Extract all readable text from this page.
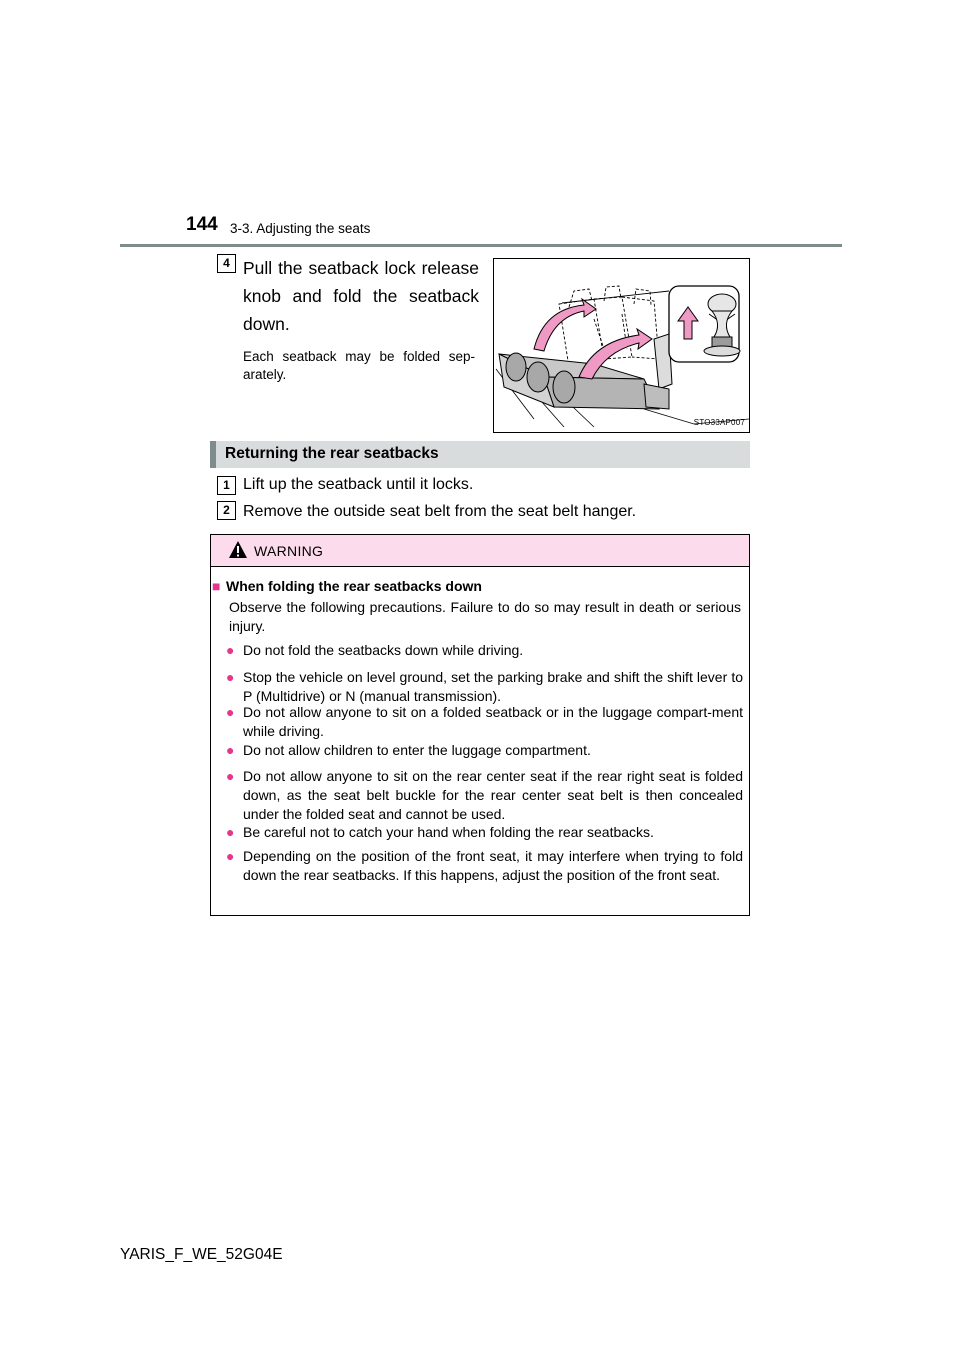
144 3-3. Adjusting the seats
4 Pull the seatback lock release knob and fold the seatback down.
Each seatback may be folded sep-arately.
STO33AP007
Returning the rear seatbacks
1 Lift up the seatback until it locks.
2 Remove the outside seat belt from the seat belt hanger.
WARNING
■ When folding the rear seatbacks down
Observe the following precautions. Failure to do so may result in death or serious injury.
● Do not fold the seatbacks down while driving.
● Stop the vehicle on level ground, set the parking brake and shift the shift lever to P (Multidrive) or N (manual transmission).
● Do not allow anyone to sit on a folded seatback or in the luggage compart-ment while driving.
● Do not allow children to enter the luggage compartment.
● Do not allow anyone to sit on the rear center seat if the rear right seat is folded down, as the seat belt buckle for the rear center seat belt is then concealed under the folded seat and cannot be used.
● Be careful not to catch your hand when folding the rear seatbacks.
● Depending on the position of the front seat, it may interfere when trying to fold down the rear seatbacks. If this happens, adjust the position of the front seat.
YARIS_F_WE_52G04E
